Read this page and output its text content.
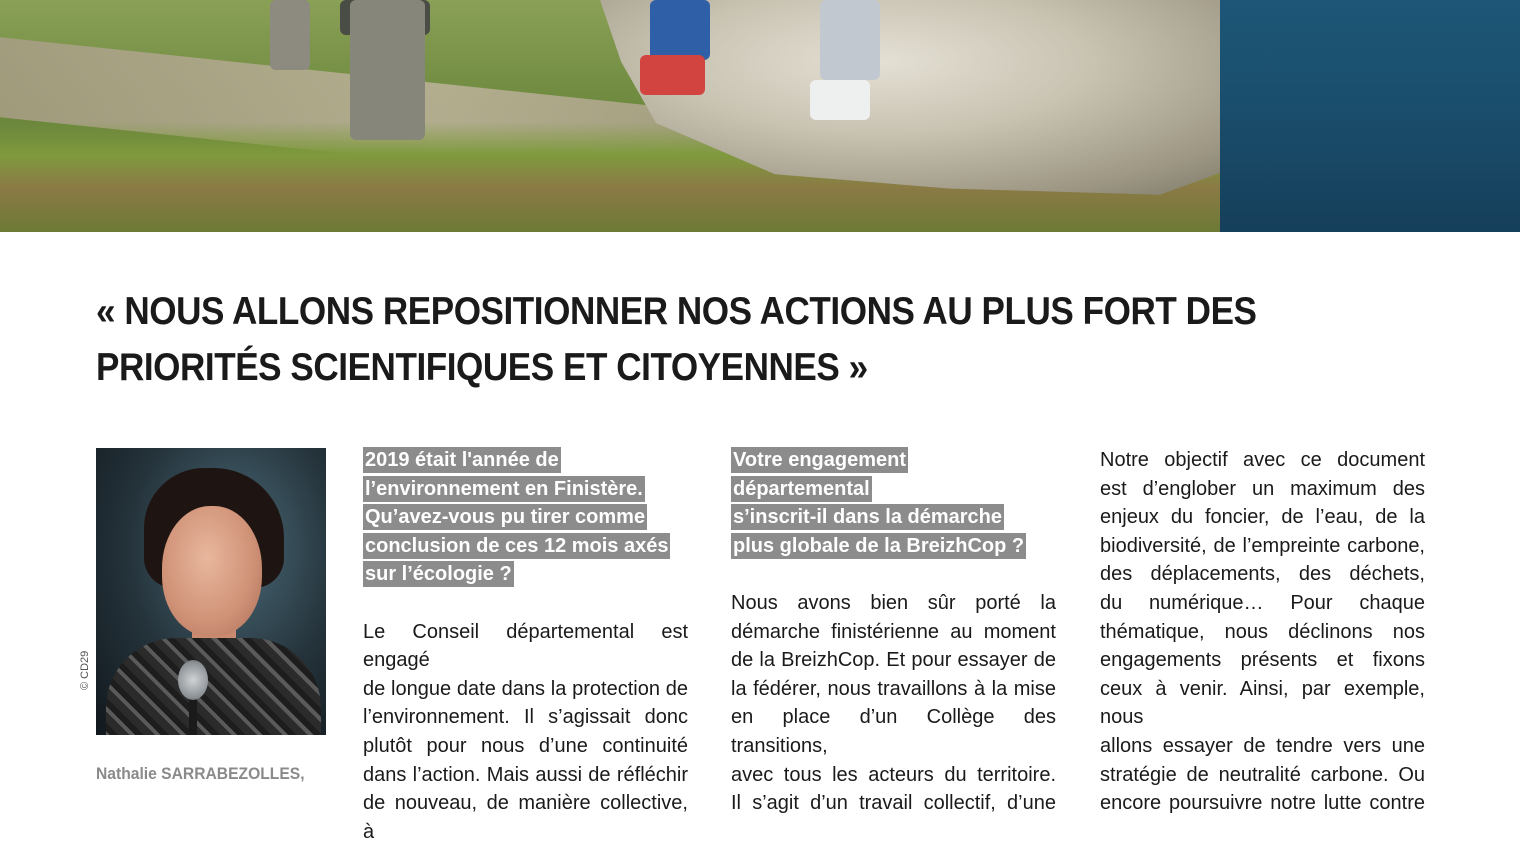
« NOUS ALLONS REPOSITIONNER NOS ACTIONS AU PLUS FORT DES
PRIORITÉS SCIENTIFIQUES ET CITOYENNES »
© CD29
Nathalie SARRABEZOLLES,
2019 était l'année de
l’environnement en Finistère.
Qu’avez-vous pu tirer comme
conclusion de ces 12 mois axés
sur l’écologie ?

Le Conseil départemental est engagé

de longue date dans la protection de

l’environnement. Il s’agissait donc

plutôt pour nous d’une continuité

dans l’action. Mais aussi de réfléchir

de nouveau, de manière collective, à

Votre engagement
départemental
s’inscrit-il dans la démarche
plus globale de la BreizhCop ?

Nous avons bien sûr porté la

démarche finistérienne au moment

de la BreizhCop. Et pour essayer de

la fédérer, nous travaillons à la mise

en place d’un Collège des transitions,

avec tous les acteurs du territoire.

Il s’agit d’un travail collectif, d’une

Notre objectif avec ce document

est d’englober un maximum des

enjeux du foncier, de l’eau, de la

biodiversité, de l’empreinte carbone,

des déplacements, des déchets,

du numérique… Pour chaque

thématique, nous déclinons nos

engagements présents et fixons

ceux à venir. Ainsi, par exemple, nous

allons essayer de tendre vers une

stratégie de neutralité carbone. Ou

encore poursuivre notre lutte contre
